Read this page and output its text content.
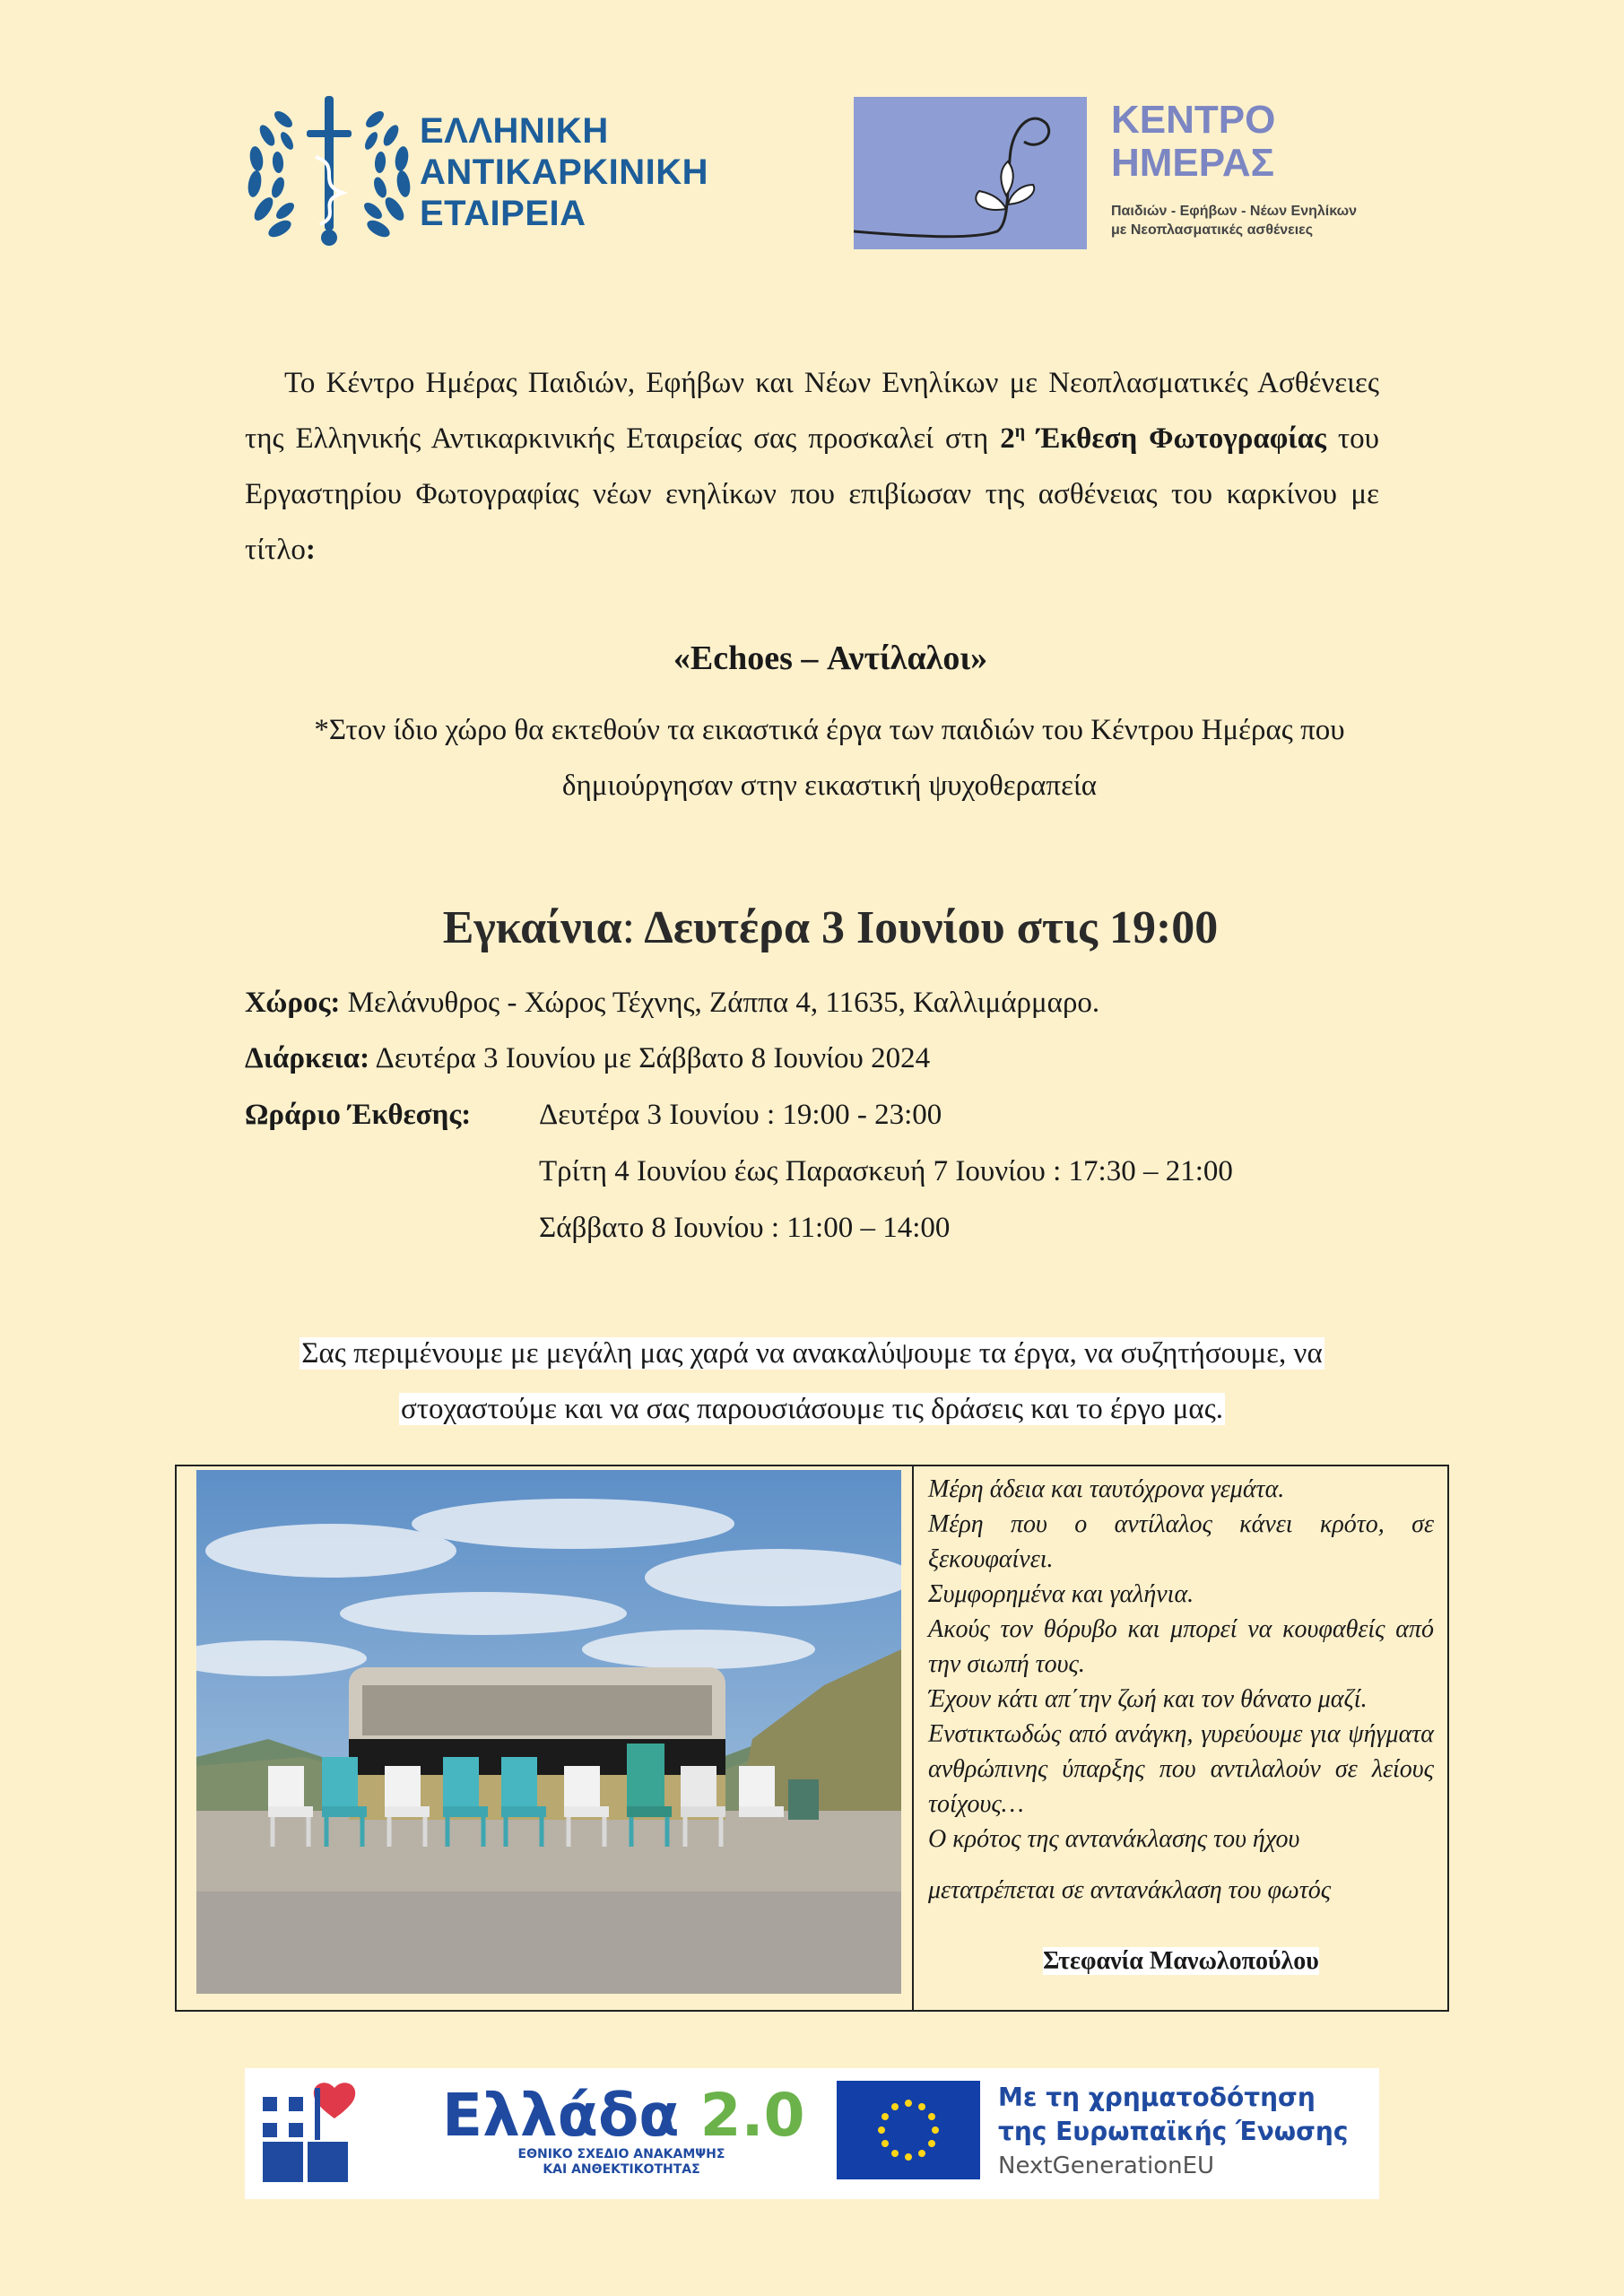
ΕΛΛΗΝΙΚΗ
ΑΝΤΙΚΑΡΚΙΝΙΚΗ
ΕΤΑΙΡΕΙΑ
ΚΕΝΤΡΟ
ΗΜΕΡΑΣ
Παιδιών - Εφήβων - Νέων Ενηλίκων
με Νεοπλασματικές ασθένειες
Το Κέντρο Ημέρας Παιδιών, Εφήβων και Νέων Ενηλίκων με Νεοπλασματικές Ασθένειες της Ελληνικής Αντικαρκινικής Εταιρείας σας προσκαλεί στη $2^\eta$ Έκθεση Φωτογραφίας του Εργαστηρίου Φωτογραφίας νέων ενηλίκων που επιβίωσαν της ασθένειας του καρκίνου με τίτλο:
«Echoes – Αντίλαλοι»
*Στον ίδιο χώρο θα εκτεθούν τα εικαστικά έργα των παιδιών του Κέντρου Ημέρας που δημιούργησαν στην εικαστική ψυχοθεραπεία
Εγκαίνια: Δευτέρα 3 Ιουνίου στις 19:00
Χώρος: Μελάνυθρος - Χώρος Τέχνης, Ζάππα 4, 11635, Καλλιμάρμαρο.
Διάρκεια: Δευτέρα 3 Ιουνίου με Σάββατο 8 Ιουνίου 2024
Ωράριο Έκθεσης: Δευτέρα 3 Ιουνίου : 19:00 - 23:00
Τρίτη 4 Ιουνίου έως Παρασκευή 7 Ιουνίου : 17:30 – 21:00
Σάββατο 8 Ιουνίου : 11:00 – 14:00
Σας περιμένουμε με μεγάλη μας χαρά να ανακαλύψουμε τα έργα, να συζητήσουμε, να
στοχαστούμε και να σας παρουσιάσουμε τις δράσεις και το έργο μας.
Μέρη άδεια και ταυτόχρονα γεμάτα.
Μέρη που ο αντίλαλος κάνει κρότο, σε ξεκουφαίνει.
Συμφορημένα και γαλήνια.
Ακούς τον θόρυβο και μπορεί να κουφαθείς από την σιωπή τους.
Έχουν κάτι απ΄την ζωή και τον θάνατο μαζί.
Ενστικτωδώς από ανάγκη, γυρεύουμε για ψήγματα ανθρώπινης ύπαρξης που αντιλαλούν σε λείους τοίχους…
Ο κρότος της αντανάκλασης του ήχου
μετατρέπεται σε αντανάκλαση του φωτός
Στεφανία Μανωλοπούλου
Ελλάδα 2.0
ΕΘΝΙΚΟ ΣΧΕΔΙΟ ΑΝΑΚΑΜΨΗΣ
ΚΑΙ ΑΝΘΕΚΤΙΚΟΤΗΤΑΣ
Με τη χρηματοδότηση
της Ευρωπαϊκής Ένωσης
NextGenerationEU
